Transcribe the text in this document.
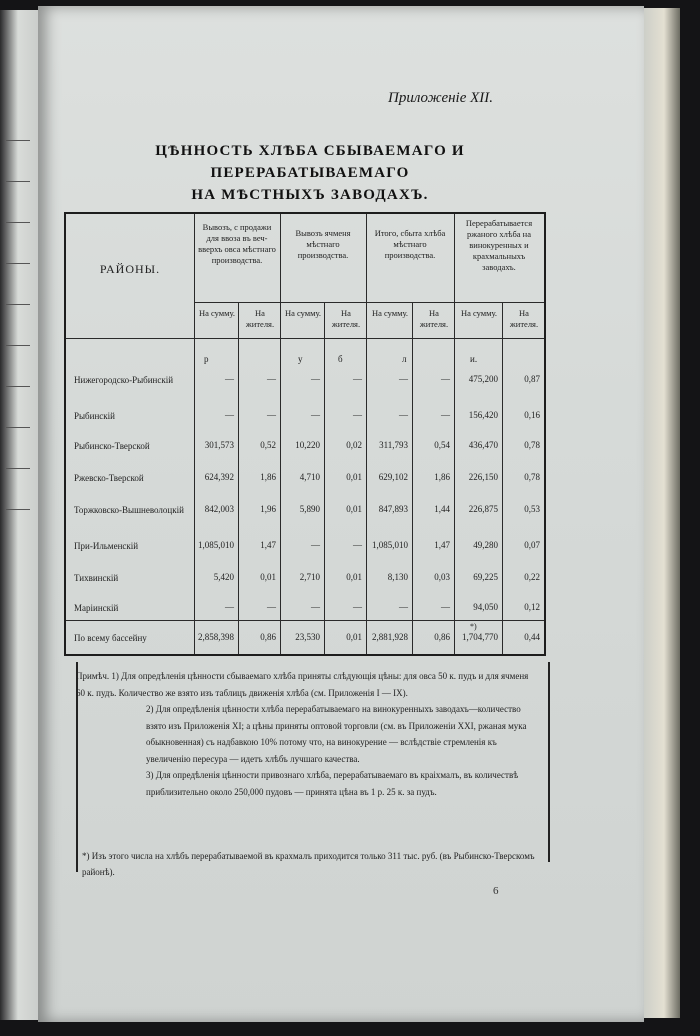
Приложеніе XII.
ЦѢННОСТЬ ХЛѢБА СБЫВАЕМАГО И ПЕРЕРАБАТЫВАЕМАГО
НА МѢСТНЫХЪ ЗАВОДАХЪ.
РАЙОНЫ.
Вывозъ, с продажи для ввоза въ веч-вверхъ овса мѣстнаго производства.
Вывозъ ячменя мѣстнаго производства.
Итого, сбыта хлѣба мѣстнаго производства.
Перерабатывается ржаного хлѣба на винокуренных и крахмальныхъ заводахъ.
На сумму.	На жителя.
На сумму.	На жителя.
На сумму.	На жителя.
На сумму.	На жителя.
р	у	б	л	и.
Нижегородско-Рыбинскій	—	—	—	—	—	—	475,200	0,87
Рыбинскій	—	—	—	—	—	—	156,420	0,16
Рыбинско-Тверской	301,573	0,52	10,220	0,02	311,793	0,54	436,470	0,78
Ржевско-Тверской	624,392	1,86	4,710	0,01	629,102	1,86	226,150	0,78
Торжковско-Вышневолоцкій	842,003	1,96	5,890	0,01	847,893	1,44	226,875	0,53
При-Ильменскій	1,085,010	1,47	—	—	1,085,010	1,47	49,280	0,07
Тихвинскій	5,420	0,01	2,710	0,01	8,130	0,03	69,225	0,22
Маріинскій	—	—	—	—	—	—	94,050	0,12
По всему бассейну	2,858,398	0,86	23,530	0,01	2,881,928	0,86	1,704,770	0,44
*)
Примѣч. 1) Для опредѣленія цѣнности сбываемаго хлѣба приняты слѣдующія цѣны: для овса 50 к. пудъ и для ячменя 60 к. пудъ. Количество же взято изъ таблицъ движенія хлѣба (см. Приложенія I — IX).
2) Для опредѣленія цѣнности хлѣба перерабатываемаго на винокуренныхъ заводахъ—количество взято изъ Приложенія XI; а цѣны приняты оптовой торговли (см. въ Приложеніи XXI, ржаная мука обыкновенная) съ надбавкою 10% потому что, на винокурение — вслѣдствіе стремленія къ увеличенію пересура — идетъ хлѣбъ лучшаго качества.
3) Для опредѣленія цѣнности привознаго хлѣба, перерабатываемаго въ краіхмалъ, въ количествѣ приблизительно около 250,000 пудовъ — принята цѣна въ 1 р. 25 к. за пудъ.
*) Изъ этого числа на хлѣбъ перерабатываемой въ крахмалъ приходится только 311 тыс. руб. (въ Рыбинско-Тверскомъ районѣ).
6
